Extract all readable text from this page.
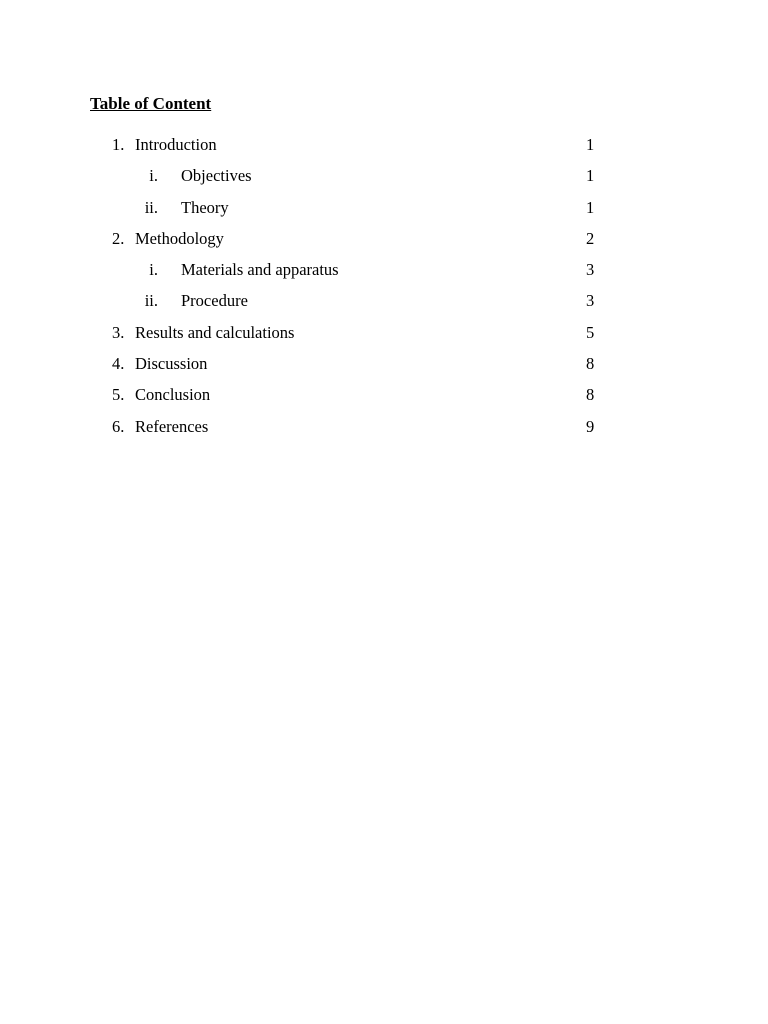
Table of Content
1. Introduction	1
i. Objectives	1
ii. Theory	1
2. Methodology	2
i. Materials and apparatus	3
ii. Procedure	3
3. Results and calculations	5
4. Discussion	8
5. Conclusion	8
6. References	9
